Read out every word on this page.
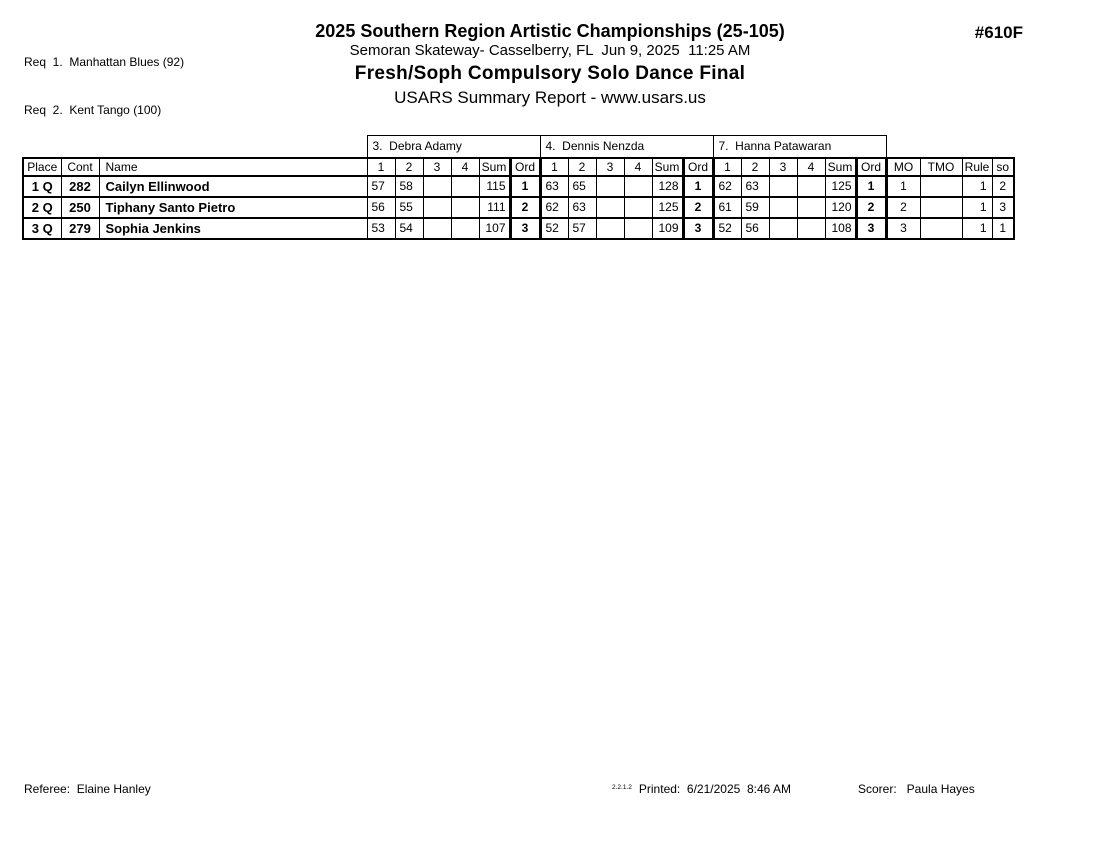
Req  1.  Manhattan Blues (92)

Req  2.  Kent Tango (100)

2025 Southern Region Artistic Championships (25-105)
Semoran Skateway- Casselberry, FL  Jun 9, 2025  11:25 AM
Fresh/Soph Compulsory Solo Dance Final
USARS Summary Report - www.usars.us
#610F
			3.  Debra Adamy						4.  Dennis Nenzda						7.  Hanna Patawaran									
Place	Cont	Name	1	2	3	4	Sum	Ord	1	2	3	4	Sum	Ord	1	2	3	4	Sum	Ord	MO	TMO	Rule	so
1 Q	282	Cailyn Ellinwood	57	58			115	1	63	65			128	1	62	63			125	1	1		1	2
2 Q	250	Tiphany Santo Pietro	56	55			111	2	62	63			125	2	61	59			120	2	2		1	3
3 Q	279	Sophia Jenkins	53	54			107	3	52	57			109	3	52	56			108	3	3		1	1
Referee:  Elaine Hanley	$^{2.2.1.2}$ Printed:  6/21/2025  8:46 AM	Scorer:   Paula Hayes
